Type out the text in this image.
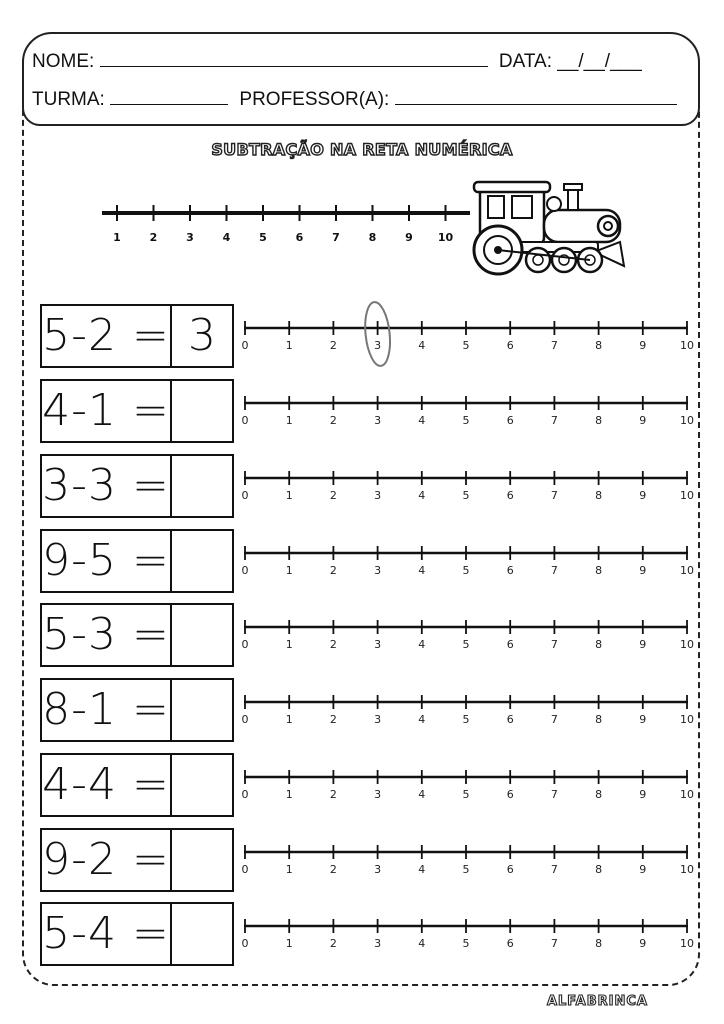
NOME:	DATA: __/__/___
TURMA:	PROFESSOR(A):
SUBTRAÇÃO NA RETA NUMÉRICA
1	2	3	4	5	6	7	8	9 10
5-2 = 3	0	1	2	3	4	5	6	7	8	9	10
4-1 =	0	1	2	3	4	5	6	7	8	9	10
3-3 =	0	1	2	3	4	5	6	7	8	9	10
9-5 =	0	1	2	3	4	5	6	7	8	9	10
5-3 =	0	1	2	3	4	5	6	7	8	9	10
8-1 =	0	1	2	3	4	5	6	7	8	9	10
4-4 =	0	1	2	3	4	5	6	7	8	9	10
9-2 =	0	1	2	3	4	5	6	7	8	9	10
5-4 =	0	1	2	3	4	5	6	7	8	9	10
ALFABRINCA
